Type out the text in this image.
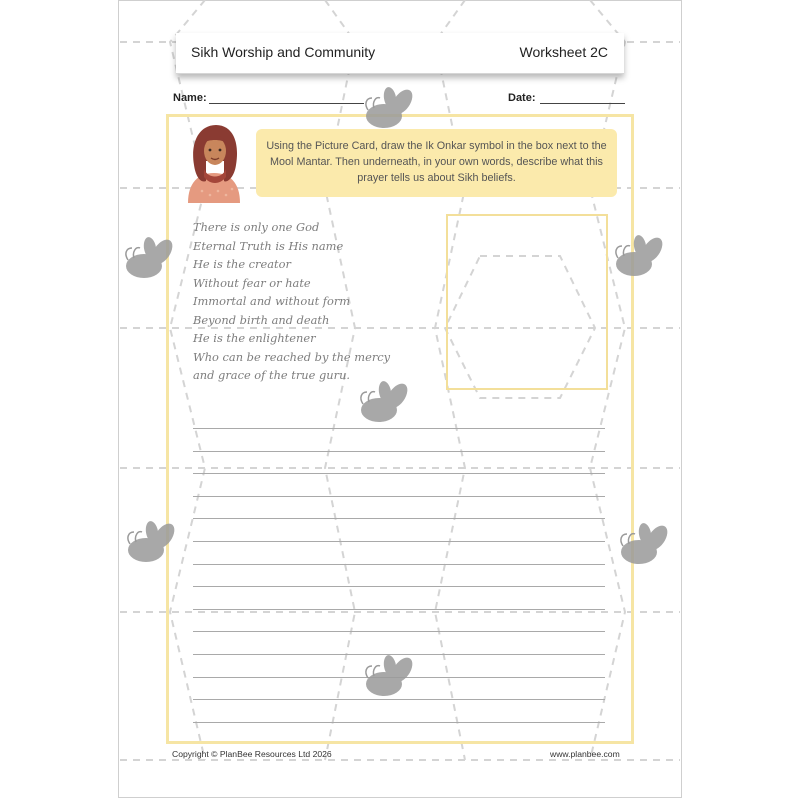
Sikh Worship and Community	Worksheet 2C
Name:	Date:
Using the Picture Card, draw the Ik Onkar symbol in the box next to the Mool Mantar. Then underneath, in your own words, describe what this prayer tells us about Sikh beliefs.
There is only one God
Eternal Truth is His name
He is the creator
Without fear or hate
Immortal and without form
Beyond birth and death
He is the enlightener
Who can be reached by the mercy
and grace of the true guru.
Copyright © PlanBee Resources Ltd 2026	www.planbee.com
